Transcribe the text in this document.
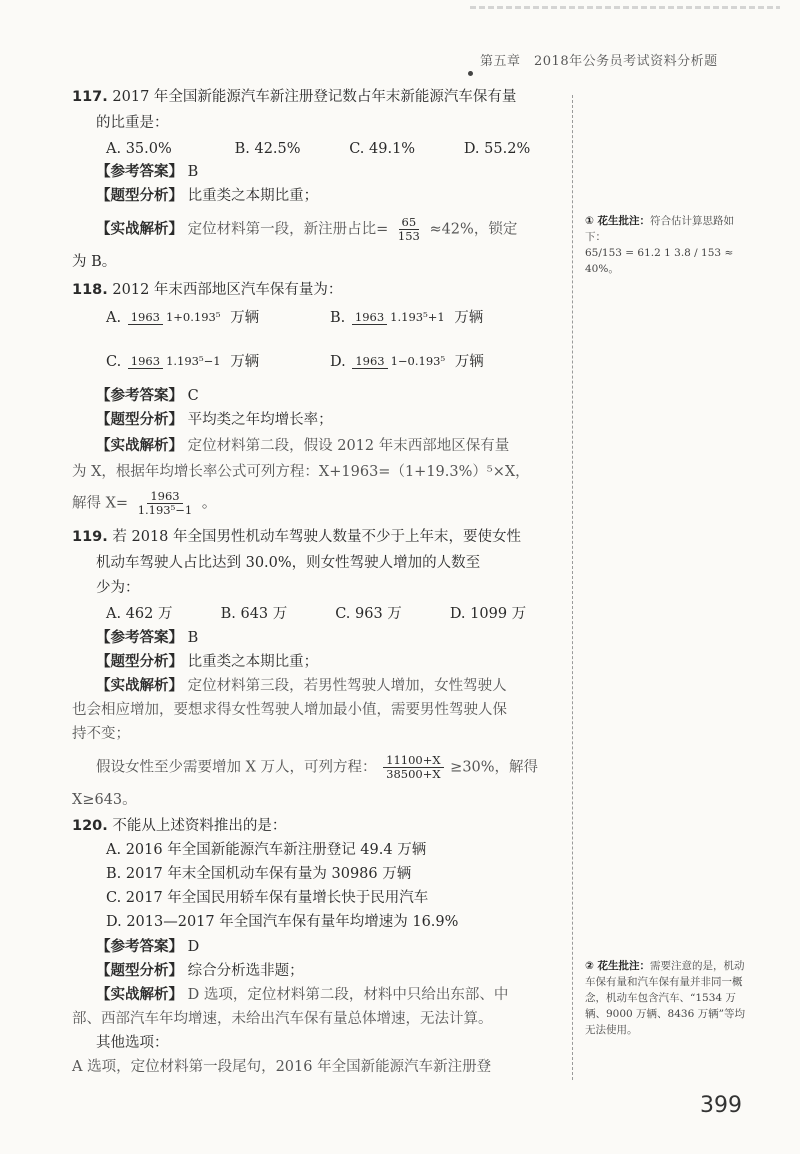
第五章　2018年公务员考试资料分析题
117. 2017 年全国新能源汽车新注册登记数占年末新能源汽车保有量
的比重是：
A. 35.0%	B. 42.5%	C. 49.1%	D. 55.2%
【参考答案】 B
【题型分析】 比重类之本期比重；
【实战解析】 定位材料第一段，新注册占比= $\frac{65}{153} \approx 42\%$，锁定
为 B。
118. 2012 年末西部地区汽车保有量为：
A. 1963 1+0.193⁵ 万辆	B. 1963 1.193⁵+1 万辆
C. 1963 1.193⁵−1 万辆	D. 1963 1−0.193⁵ 万辆
【参考答案】 C
【题型分析】 平均类之年均增长率；
【实战解析】 定位材料第二段，假设 2012 年末西部地区保有量
为 X，根据年均增长率公式可列方程：X+1963=（1+19.3%）⁵×X，
解得 $X= \frac{1963}{\text{1.193⁵−1}}$ 。
119. 若 2018 年全国男性机动车驾驶人数量不少于上年末，要使女性
机动车驾驶人占比达到 30.0%，则女性驾驶人增加的人数至
少为：
A. 462 万	B. 643 万	C. 963 万	D. 1099 万
【参考答案】 B
【题型分析】 比重类之本期比重；
【实战解析】 定位材料第三段，若男性驾驶人增加，女性驾驶人
也会相应增加，要想求得女性驾驶人增加最小值，需要男性驾驶人保
持不变；
假设女性至少需要增加 X 万人，可列方程： $\frac{11100+X}{38500+X} \ge 30\%$，解得
X≥643。
120. 不能从上述资料推出的是：
A. 2016 年全国新能源汽车新注册登记 49.4 万辆
B. 2017 年末全国机动车保有量为 30986 万辆
C. 2017 年全国民用轿车保有量增长快于民用汽车
D. 2013—2017 年全国汽车保有量年均增速为 16.9%
【参考答案】 D
【题型分析】 综合分析选非题；
【实战解析】 D 选项，定位材料第二段，材料中只给出东部、中
部、西部汽车年均增速，未给出汽车保有量总体增速，无法计算。
其他选项：
A 选项，定位材料第一段尾句，2016 年全国新能源汽车新注册登
① 花生批注：符合估计算思路如下：
65/153 = 61.2 1 3.8 / 153 ≈ 40%。
② 花生批注：需要注意的是，机动车保有量和汽车保有量并非同一概念，机动车包含汽车、“1534 万辆、9000 万辆、8436 万辆”等均无法使用。
399
